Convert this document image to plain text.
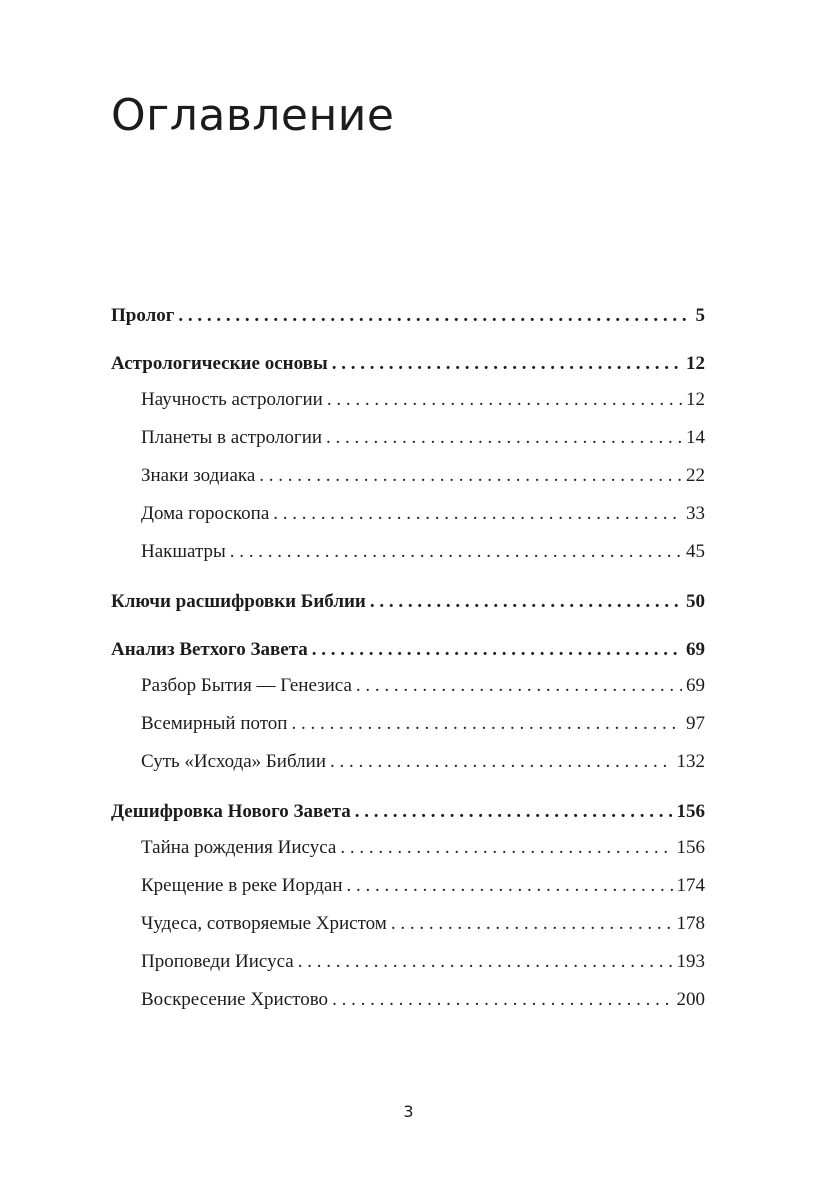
Оглавление
Пролог . . .	5
Астрологические основы . . .	12
Научность астрологии . . .	12
Планеты в астрологии . . .	14
Знаки зодиака . . .	22
Дома гороскопа . . .	33
Накшатры . . .	45
Ключи расшифровки Библии . . .	50
Анализ Ветхого Завета . . .	69
Разбор Бытия — Генезиса . . .	69
Всемирный потоп . . .	97
Суть «Исхода» Библии . . .	132
Дешифровка Нового Завета . . .	156
Тайна рождения Иисуса . . .	156
Крещение в реке Иордан . . .	174
Чудеса, сотворяемые Христом . . .	178
Проповеди Иисуса . . .	193
Воскресение Христово . . .	200
3
